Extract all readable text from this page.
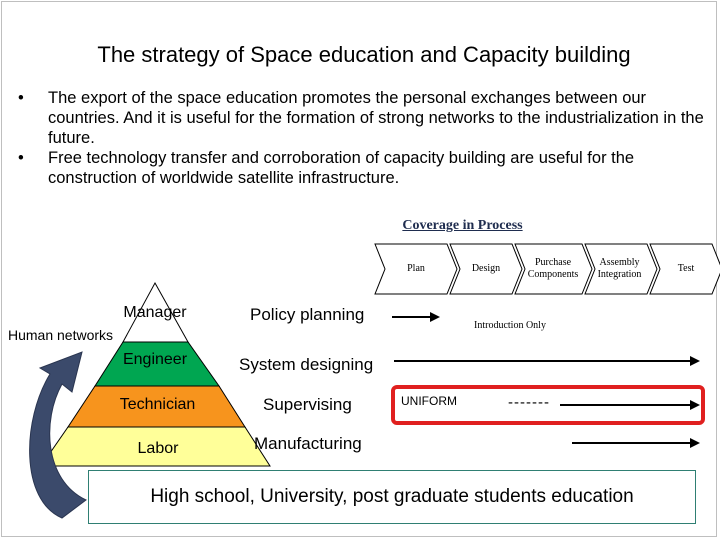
The strategy of Space education and Capacity building
• The export of the space education promotes the personal exchanges between our countries. And it is useful for the formation of strong networks to the industrialization in the future.
• Free technology transfer and corroboration of capacity building are useful for the construction of worldwide satellite infrastructure.
Coverage in Process
Plan	Design
Purchase Components
Assembly Integration
Test
Manager
Engineer
Technician
Labor
Human networks
Policy planning
System designing
Supervising
Manufacturing
Introduction Only
UNIFORM	-------
High school, University, post graduate students education
